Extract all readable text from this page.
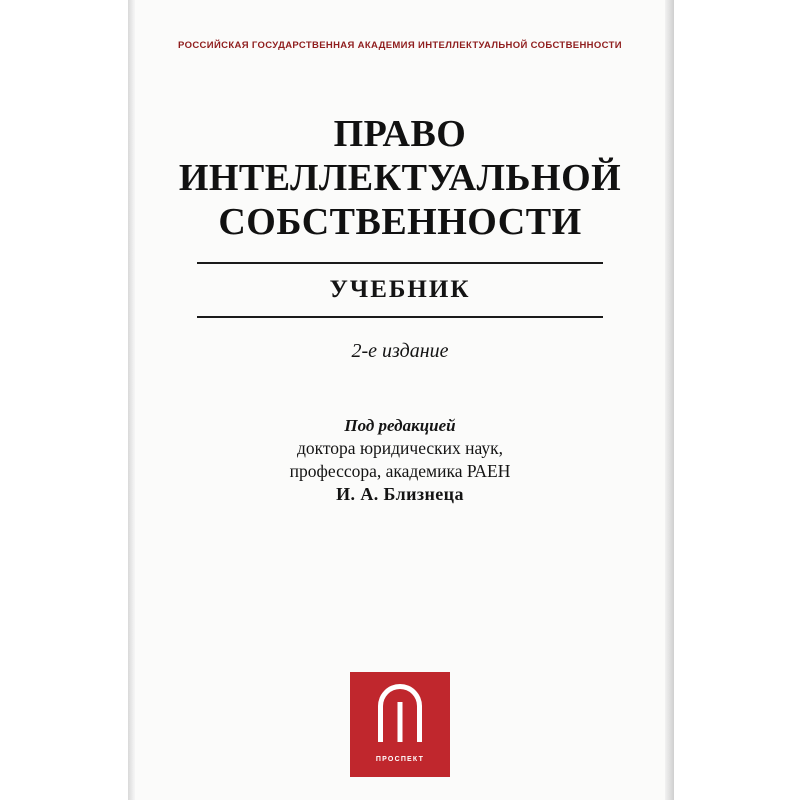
РОССИЙСКАЯ ГОСУДАРСТВЕННАЯ АКАДЕМИЯ ИНТЕЛЛЕКТУАЛЬНОЙ СОБСТВЕННОСТИ
ПРАВО
ИНТЕЛЛЕКТУАЛЬНОЙ
СОБСТВЕННОСТИ
УЧЕБНИК
2-е издание
Под редакцией
доктора юридических наук,
профессора, академика РАЕН
И. А. Близнеца
ПРОСПЕКТ
